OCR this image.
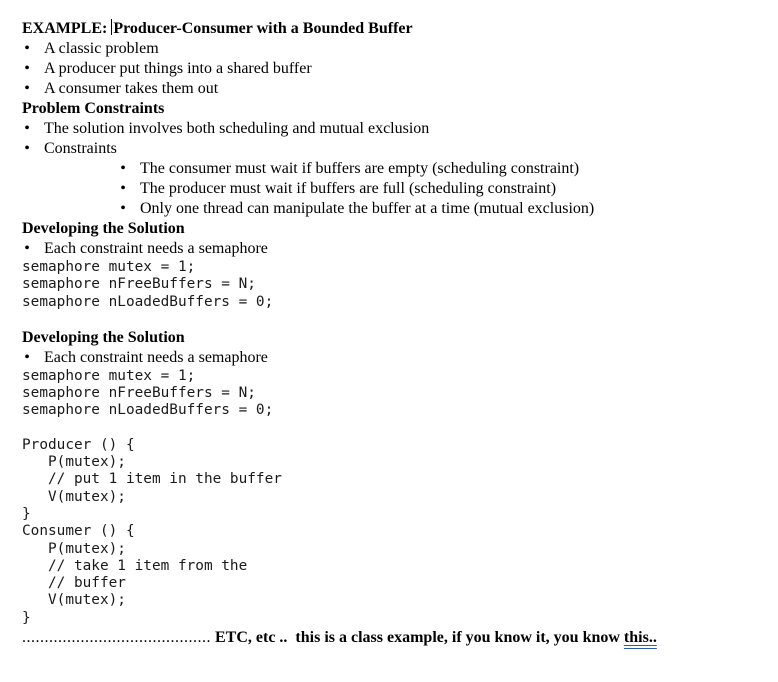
EXAMPLE: Producer-Consumer with a Bounded Buffer
• A classic problem
• A producer put things into a shared buffer
• A consumer takes them out
Problem Constraints
• The solution involves both scheduling and mutual exclusion
• Constraints
• The consumer must wait if buffers are empty (scheduling constraint)
• The producer must wait if buffers are full (scheduling constraint)
• Only one thread can manipulate the buffer at a time (mutual exclusion)
Developing the Solution
• Each constraint needs a semaphore
semaphore mutex = 1;
semaphore nFreeBuffers = N;
semaphore nLoadedBuffers = 0;
Developing the Solution
• Each constraint needs a semaphore
semaphore mutex = 1;
semaphore nFreeBuffers = N;
semaphore nLoadedBuffers = 0;
Producer () {
P(mutex);
// put 1 item in the buffer
V(mutex);
}
Consumer () {
P(mutex);
// take 1 item from the
// buffer
V(mutex);
}
.......................................... ETC, etc ..  this is a class example, if you know it, you know this..
